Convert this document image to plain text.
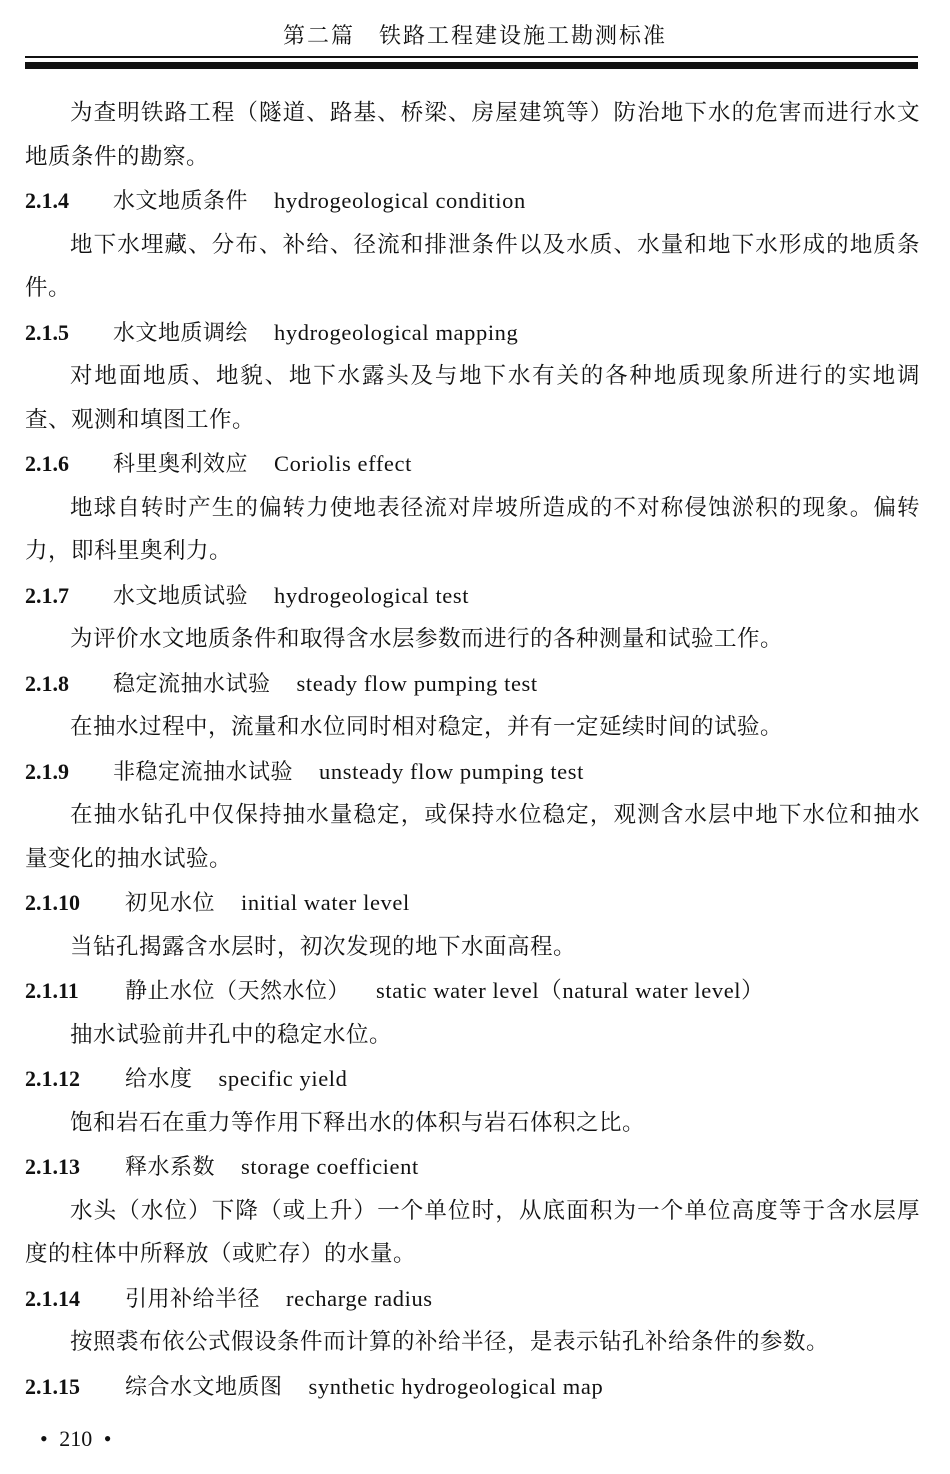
第二篇　铁路工程建设施工勘测标准

为查明铁路工程（隧道、路基、桥梁、房屋建筑等）防治地下水的危害而进行水文地质条件的勘察。

2.1.4 水文地质条件 hydrogeological condition

地下水埋藏、分布、补给、径流和排泄条件以及水质、水量和地下水形成的地质条件。

2.1.5 水文地质调绘 hydrogeological mapping

对地面地质、地貌、地下水露头及与地下水有关的各种地质现象所进行的实地调查、观测和填图工作。

2.1.6 科里奥利效应 Coriolis effect

地球自转时产生的偏转力使地表径流对岸坡所造成的不对称侵蚀淤积的现象。偏转力，即科里奥利力。

2.1.7 水文地质试验 hydrogeological test

为评价水文地质条件和取得含水层参数而进行的各种测量和试验工作。

2.1.8 稳定流抽水试验 steady flow pumping test

在抽水过程中，流量和水位同时相对稳定，并有一定延续时间的试验。

2.1.9 非稳定流抽水试验 unsteady flow pumping test

在抽水钻孔中仅保持抽水量稳定，或保持水位稳定，观测含水层中地下水位和抽水量变化的抽水试验。

2.1.10 初见水位 initial water level

当钻孔揭露含水层时，初次发现的地下水面高程。

2.1.11 静止水位（天然水位） static water level（natural water level）

抽水试验前井孔中的稳定水位。

2.1.12 给水度 specific yield

饱和岩石在重力等作用下释出水的体积与岩石体积之比。

2.1.13 释水系数 storage coefficient

水头（水位）下降（或上升）一个单位时，从底面积为一个单位高度等于含水层厚度的柱体中所释放（或贮存）的水量。

2.1.14 引用补给半径 recharge radius

按照裘布依公式假设条件而计算的补给半径，是表示钻孔补给条件的参数。

2.1.15 综合水文地质图 synthetic hydrogeological map

• 210 •
